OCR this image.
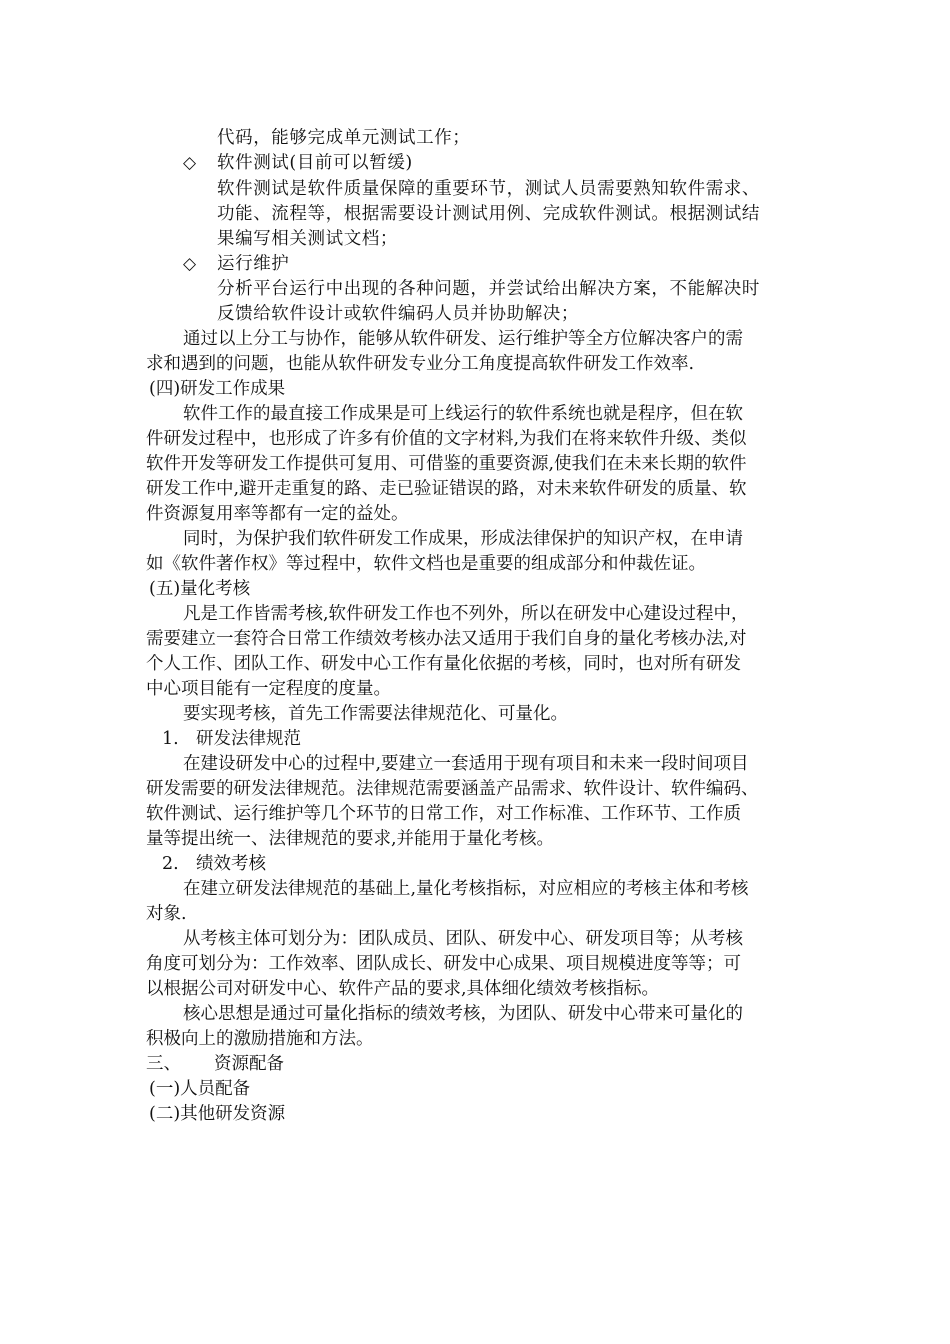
代码，能够完成单元测试工作；
◇ 软件测试(目前可以暂缓)
软件测试是软件质量保障的重要环节，测试人员需要熟知软件需求、
功能、流程等，根据需要设计测试用例、完成软件测试。根据测试结
果编写相关测试文档；
◇ 运行维护
分析平台运行中出现的各种问题，并尝试给出解决方案，不能解决时
反馈给软件设计或软件编码人员并协助解决；
通过以上分工与协作，能够从软件研发、运行维护等全方位解决客户的需
求和遇到的问题，也能从软件研发专业分工角度提高软件研发工作效率.
(四)研发工作成果
软件工作的最直接工作成果是可上线运行的软件系统也就是程序，但在软
件研发过程中，也形成了许多有价值的文字材料,为我们在将来软件升级、类似
软件开发等研发工作提供可复用、可借鉴的重要资源,使我们在未来长期的软件
研发工作中,避开走重复的路、走已验证错误的路，对未来软件研发的质量、软
件资源复用率等都有一定的益处。
同时，为保护我们软件研发工作成果，形成法律保护的知识产权，在申请
如《软件著作权》等过程中，软件文档也是重要的组成部分和仲裁佐证。
(五)量化考核
凡是工作皆需考核,软件研发工作也不列外，所以在研发中心建设过程中，
需要建立一套符合日常工作绩效考核办法又适用于我们自身的量化考核办法,对
个人工作、团队工作、研发中心工作有量化依据的考核，同时，也对所有研发
中心项目能有一定程度的度量。
要实现考核，首先工作需要法律规范化、可量化。
1. 研发法律规范
在建设研发中心的过程中,要建立一套适用于现有项目和未来一段时间项目
研发需要的研发法律规范。法律规范需要涵盖产品需求、软件设计、软件编码、
软件测试、运行维护等几个环节的日常工作，对工作标准、工作环节、工作质
量等提出统一、法律规范的要求,并能用于量化考核。
2. 绩效考核
在建立研发法律规范的基础上,量化考核指标，对应相应的考核主体和考核
对象.
从考核主体可划分为：团队成员、团队、研发中心、研发项目等；从考核
角度可划分为：工作效率、团队成长、研发中心成果、项目规模进度等等；可
以根据公司对研发中心、软件产品的要求,具体细化绩效考核指标。
核心思想是通过可量化指标的绩效考核，为团队、研发中心带来可量化的
积极向上的激励措施和方法。
三、 资源配备
(一)人员配备
(二)其他研发资源
